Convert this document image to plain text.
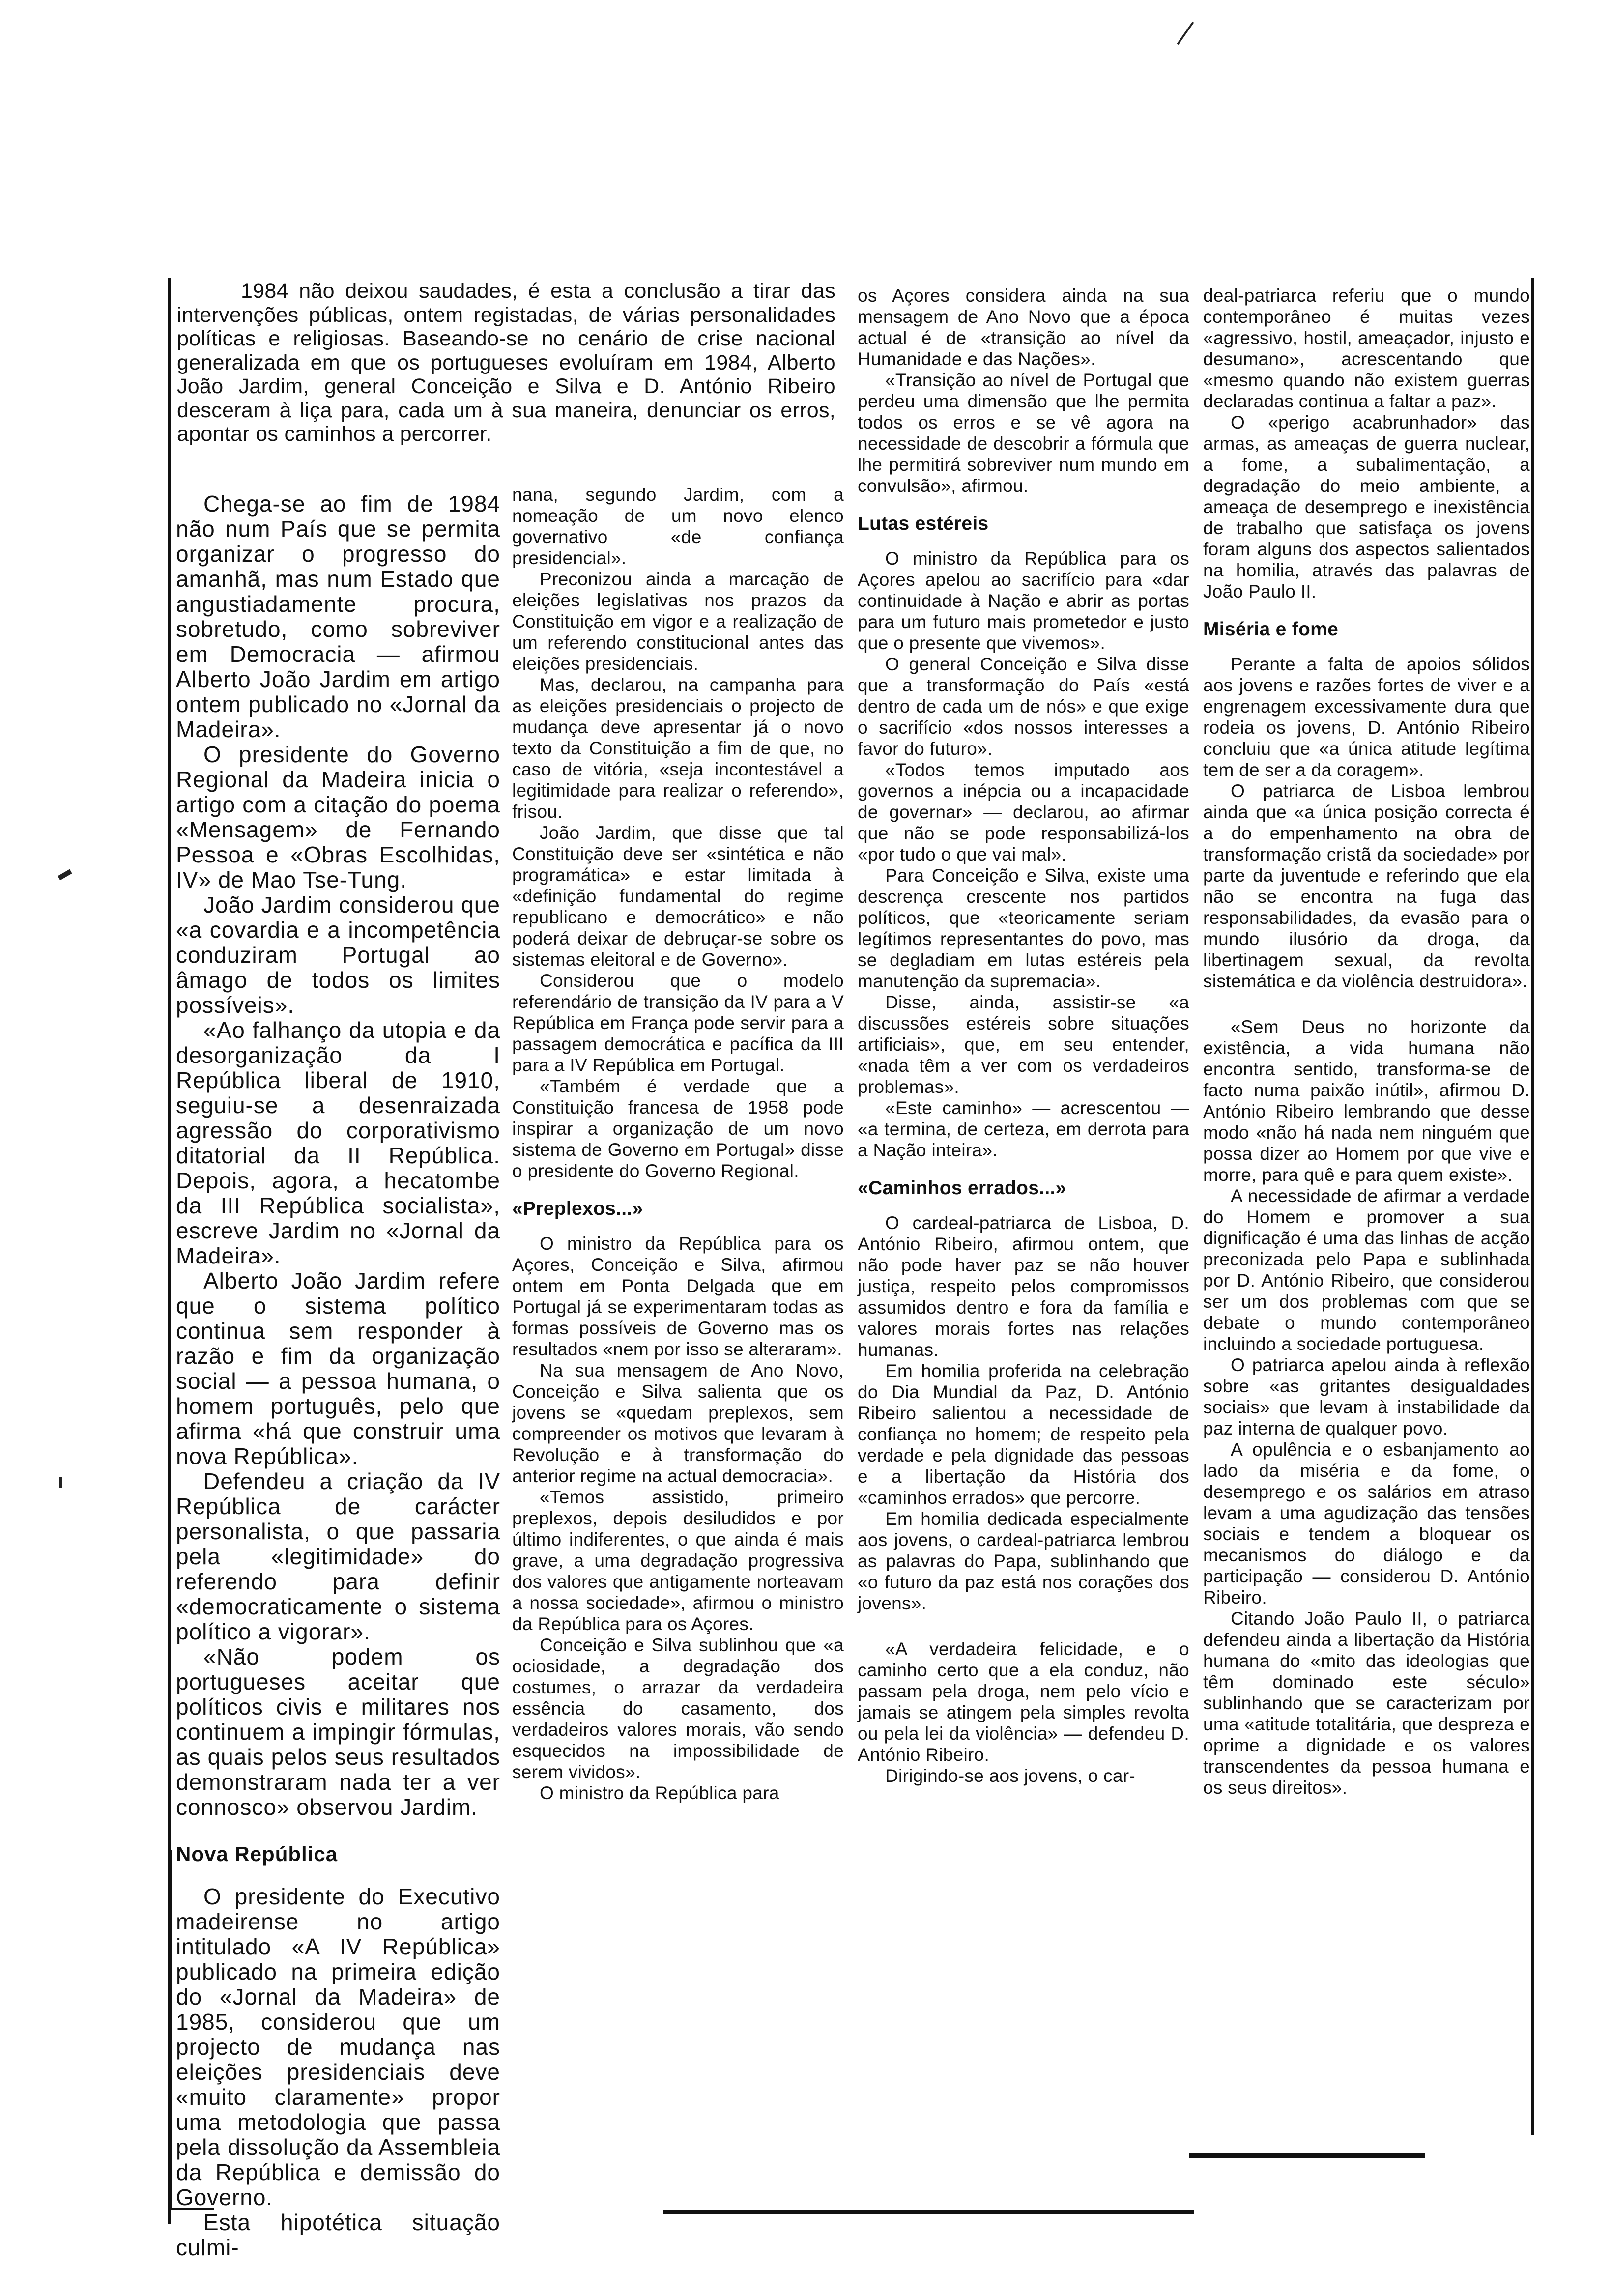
1984 não deixou saudades, é esta a conclusão a tirar das intervenções públicas, ontem registadas, de várias personalidades políticas e religiosas. Baseando-se no cenário de crise nacional generalizada em que os portugueses evoluíram em 1984, Alberto João Jardim, general Conceição e Silva e D. António Ribeiro desceram à liça para, cada um à sua maneira, denunciar os erros, apontar os caminhos a percorrer.

Chega-se ao fim de 1984 não num País que se permita organizar o progresso do amanhã, mas num Estado que angustiadamente procura, sobretudo, como sobreviver em Democracia — afirmou Alberto João Jardim em artigo ontem publicado no «Jornal da Madeira».

O presidente do Governo Regional da Madeira inicia o artigo com a citação do poema «Mensagem» de Fernando Pessoa e «Obras Escolhidas, IV» de Mao Tse-Tung.

João Jardim considerou que «a covardia e a incompetência conduziram Portugal ao âmago de todos os limites possíveis».

«Ao falhanço da utopia e da desorganização da I República liberal de 1910, seguiu-se a desenraizada agressão do corporativismo ditatorial da II República. Depois, agora, a hecatombe da III República socialista», escreve Jardim no «Jornal da Madeira».

Alberto João Jardim refere que o sistema político continua sem responder à razão e fim da organização social — a pessoa humana, o homem português, pelo que afirma «há que construir uma nova República».

Defendeu a criação da IV República de carácter personalista, o que passaria pela «legitimidade» do referendo para definir «democraticamente o sistema político a vigorar».

«Não podem os portugueses aceitar que políticos civis e militares nos continuem a impingir fórmulas, as quais pelos seus resultados demonstraram nada ter a ver connosco» observou Jardim.

Nova República

O presidente do Executivo madeirense no artigo intitulado «A IV República» publicado na primeira edição do «Jornal da Madeira» de 1985, considerou que um projecto de mudança nas eleições presidenciais deve «muito claramente» propor uma metodologia que passa pela dissolução da Assembleia da República e demissão do Governo.

Esta hipotética situação culmi-

nana, segundo Jardim, com a nomeação de um novo elenco governativo «de confiança presidencial».

Preconizou ainda a marcação de eleições legislativas nos prazos da Constituição em vigor e a realização de um referendo constitucional antes das eleições presidenciais.

Mas, declarou, na campanha para as eleições presidenciais o projecto de mudança deve apresentar já o novo texto da Constituição a fim de que, no caso de vitória, «seja incontestável a legitimidade para realizar o referendo», frisou.

João Jardim, que disse que tal Constituição deve ser «sintética e não programática» e estar limitada à «definição fundamental do regime republicano e democrático» e não poderá deixar de debruçar-se sobre os sistemas eleitoral e de Governo».

Considerou que o modelo referendário de transição da IV para a V República em França pode servir para a passagem democrática e pacífica da III para a IV República em Portugal.

«Também é verdade que a Constituição francesa de 1958 pode inspirar a organização de um novo sistema de Governo em Portugal» disse o presidente do Governo Regional.

«Preplexos...»

O ministro da República para os Açores, Conceição e Silva, afirmou ontem em Ponta Delgada que em Portugal já se experimentaram todas as formas possíveis de Governo mas os resultados «nem por isso se alteraram».

Na sua mensagem de Ano Novo, Conceição e Silva salienta que os jovens se «quedam preplexos, sem compreender os motivos que levaram à Revolução e à transformação do anterior regime na actual democracia».

«Temos assistido, primeiro preplexos, depois desiludidos e por último indiferentes, o que ainda é mais grave, a uma degradação progressiva dos valores que antigamente norteavam a nossa sociedade», afirmou o ministro da República para os Açores.

Conceição e Silva sublinhou que «a ociosidade, a degradação dos costumes, o arrazar da verdadeira essência do casamento, dos verdadeiros valores morais, vão sendo esquecidos na impossibilidade de serem vividos».

O ministro da República para

os Açores considera ainda na sua mensagem de Ano Novo que a época actual é de «transição ao nível da Humanidade e das Nações».

«Transição ao nível de Portugal que perdeu uma dimensão que lhe permita todos os erros e se vê agora na necessidade de descobrir a fórmula que lhe permitirá sobreviver num mundo em convulsão», afirmou.

Lutas estéreis

O ministro da República para os Açores apelou ao sacrifício para «dar continuidade à Nação e abrir as portas para um futuro mais prometedor e justo que o presente que vivemos».

O general Conceição e Silva disse que a transformação do País «está dentro de cada um de nós» e que exige o sacrifício «dos nossos interesses a favor do futuro».

«Todos temos imputado aos governos a inépcia ou a incapacidade de governar» — declarou, ao afirmar que não se pode responsabilizá-los «por tudo o que vai mal».

Para Conceição e Silva, existe uma descrença crescente nos partidos políticos, que «teoricamente seriam legítimos representantes do povo, mas se degladiam em lutas estéreis pela manutenção da supremacia».

Disse, ainda, assistir-se «a discussões estéreis sobre situações artificiais», que, em seu entender, «nada têm a ver com os verdadeiros problemas».

«Este caminho» — acrescentou — «a termina, de certeza, em derrota para a Nação inteira».

«Caminhos errados...»

O cardeal-patriarca de Lisboa, D. António Ribeiro, afirmou ontem, que não pode haver paz se não houver justiça, respeito pelos compromissos assumidos dentro e fora da família e valores morais fortes nas relações humanas.

Em homilia proferida na celebração do Dia Mundial da Paz, D. António Ribeiro salientou a necessidade de confiança no homem; de respeito pela verdade e pela dignidade das pessoas e a libertação da História dos «caminhos errados» que percorre.

Em homilia dedicada especialmente aos jovens, o cardeal-patriarca lembrou as palavras do Papa, sublinhando que «o futuro da paz está nos corações dos jovens».

«A verdadeira felicidade, e o caminho certo que a ela conduz, não passam pela droga, nem pelo vício e jamais se atingem pela simples revolta ou pela lei da violência» — defendeu D. António Ribeiro.

Dirigindo-se aos jovens, o car-

deal-patriarca referiu que o mundo contemporâneo é muitas vezes «agressivo, hostil, ameaçador, injusto e desumano», acrescentando que «mesmo quando não existem guerras declaradas continua a faltar a paz».

O «perigo acabrunhador» das armas, as ameaças de guerra nuclear, a fome, a subalimentação, a degradação do meio ambiente, a ameaça de desemprego e inexistência de trabalho que satisfaça os jovens foram alguns dos aspectos salientados na homilia, através das palavras de João Paulo II.

Miséria e fome

Perante a falta de apoios sólidos aos jovens e razões fortes de viver e a engrenagem excessivamente dura que rodeia os jovens, D. António Ribeiro concluiu que «a única atitude legítima tem de ser a da coragem».

O patriarca de Lisboa lembrou ainda que «a única posição correcta é a do empenhamento na obra de transformação cristã da sociedade» por parte da juventude e referindo que ela não se encontra na fuga das responsabilidades, da evasão para o mundo ilusório da droga, da libertinagem sexual, da revolta sistemática e da violência destruidora».

«Sem Deus no horizonte da existência, a vida humana não encontra sentido, transforma-se de facto numa paixão inútil», afirmou D. António Ribeiro lembrando que desse modo «não há nada nem ninguém que possa dizer ao Homem por que vive e morre, para quê e para quem existe».

A necessidade de afirmar a verdade do Homem e promover a sua dignificação é uma das linhas de acção preconizada pelo Papa e sublinhada por D. António Ribeiro, que considerou ser um dos problemas com que se debate o mundo contemporâneo incluindo a sociedade portuguesa.

O patriarca apelou ainda à reflexão sobre «as gritantes desigualdades sociais» que levam à instabilidade da paz interna de qualquer povo.

A opulência e o esbanjamento ao lado da miséria e da fome, o desemprego e os salários em atraso levam a uma agudização das tensões sociais e tendem a bloquear os mecanismos do diálogo e da participação — considerou D. António Ribeiro.

Citando João Paulo II, o patriarca defendeu ainda a libertação da História humana do «mito das ideologias que têm dominado este século» sublinhando que se caracterizam por uma «atitude totalitária, que despreza e oprime a dignidade e os valores transcendentes da pessoa humana e os seus direitos».
